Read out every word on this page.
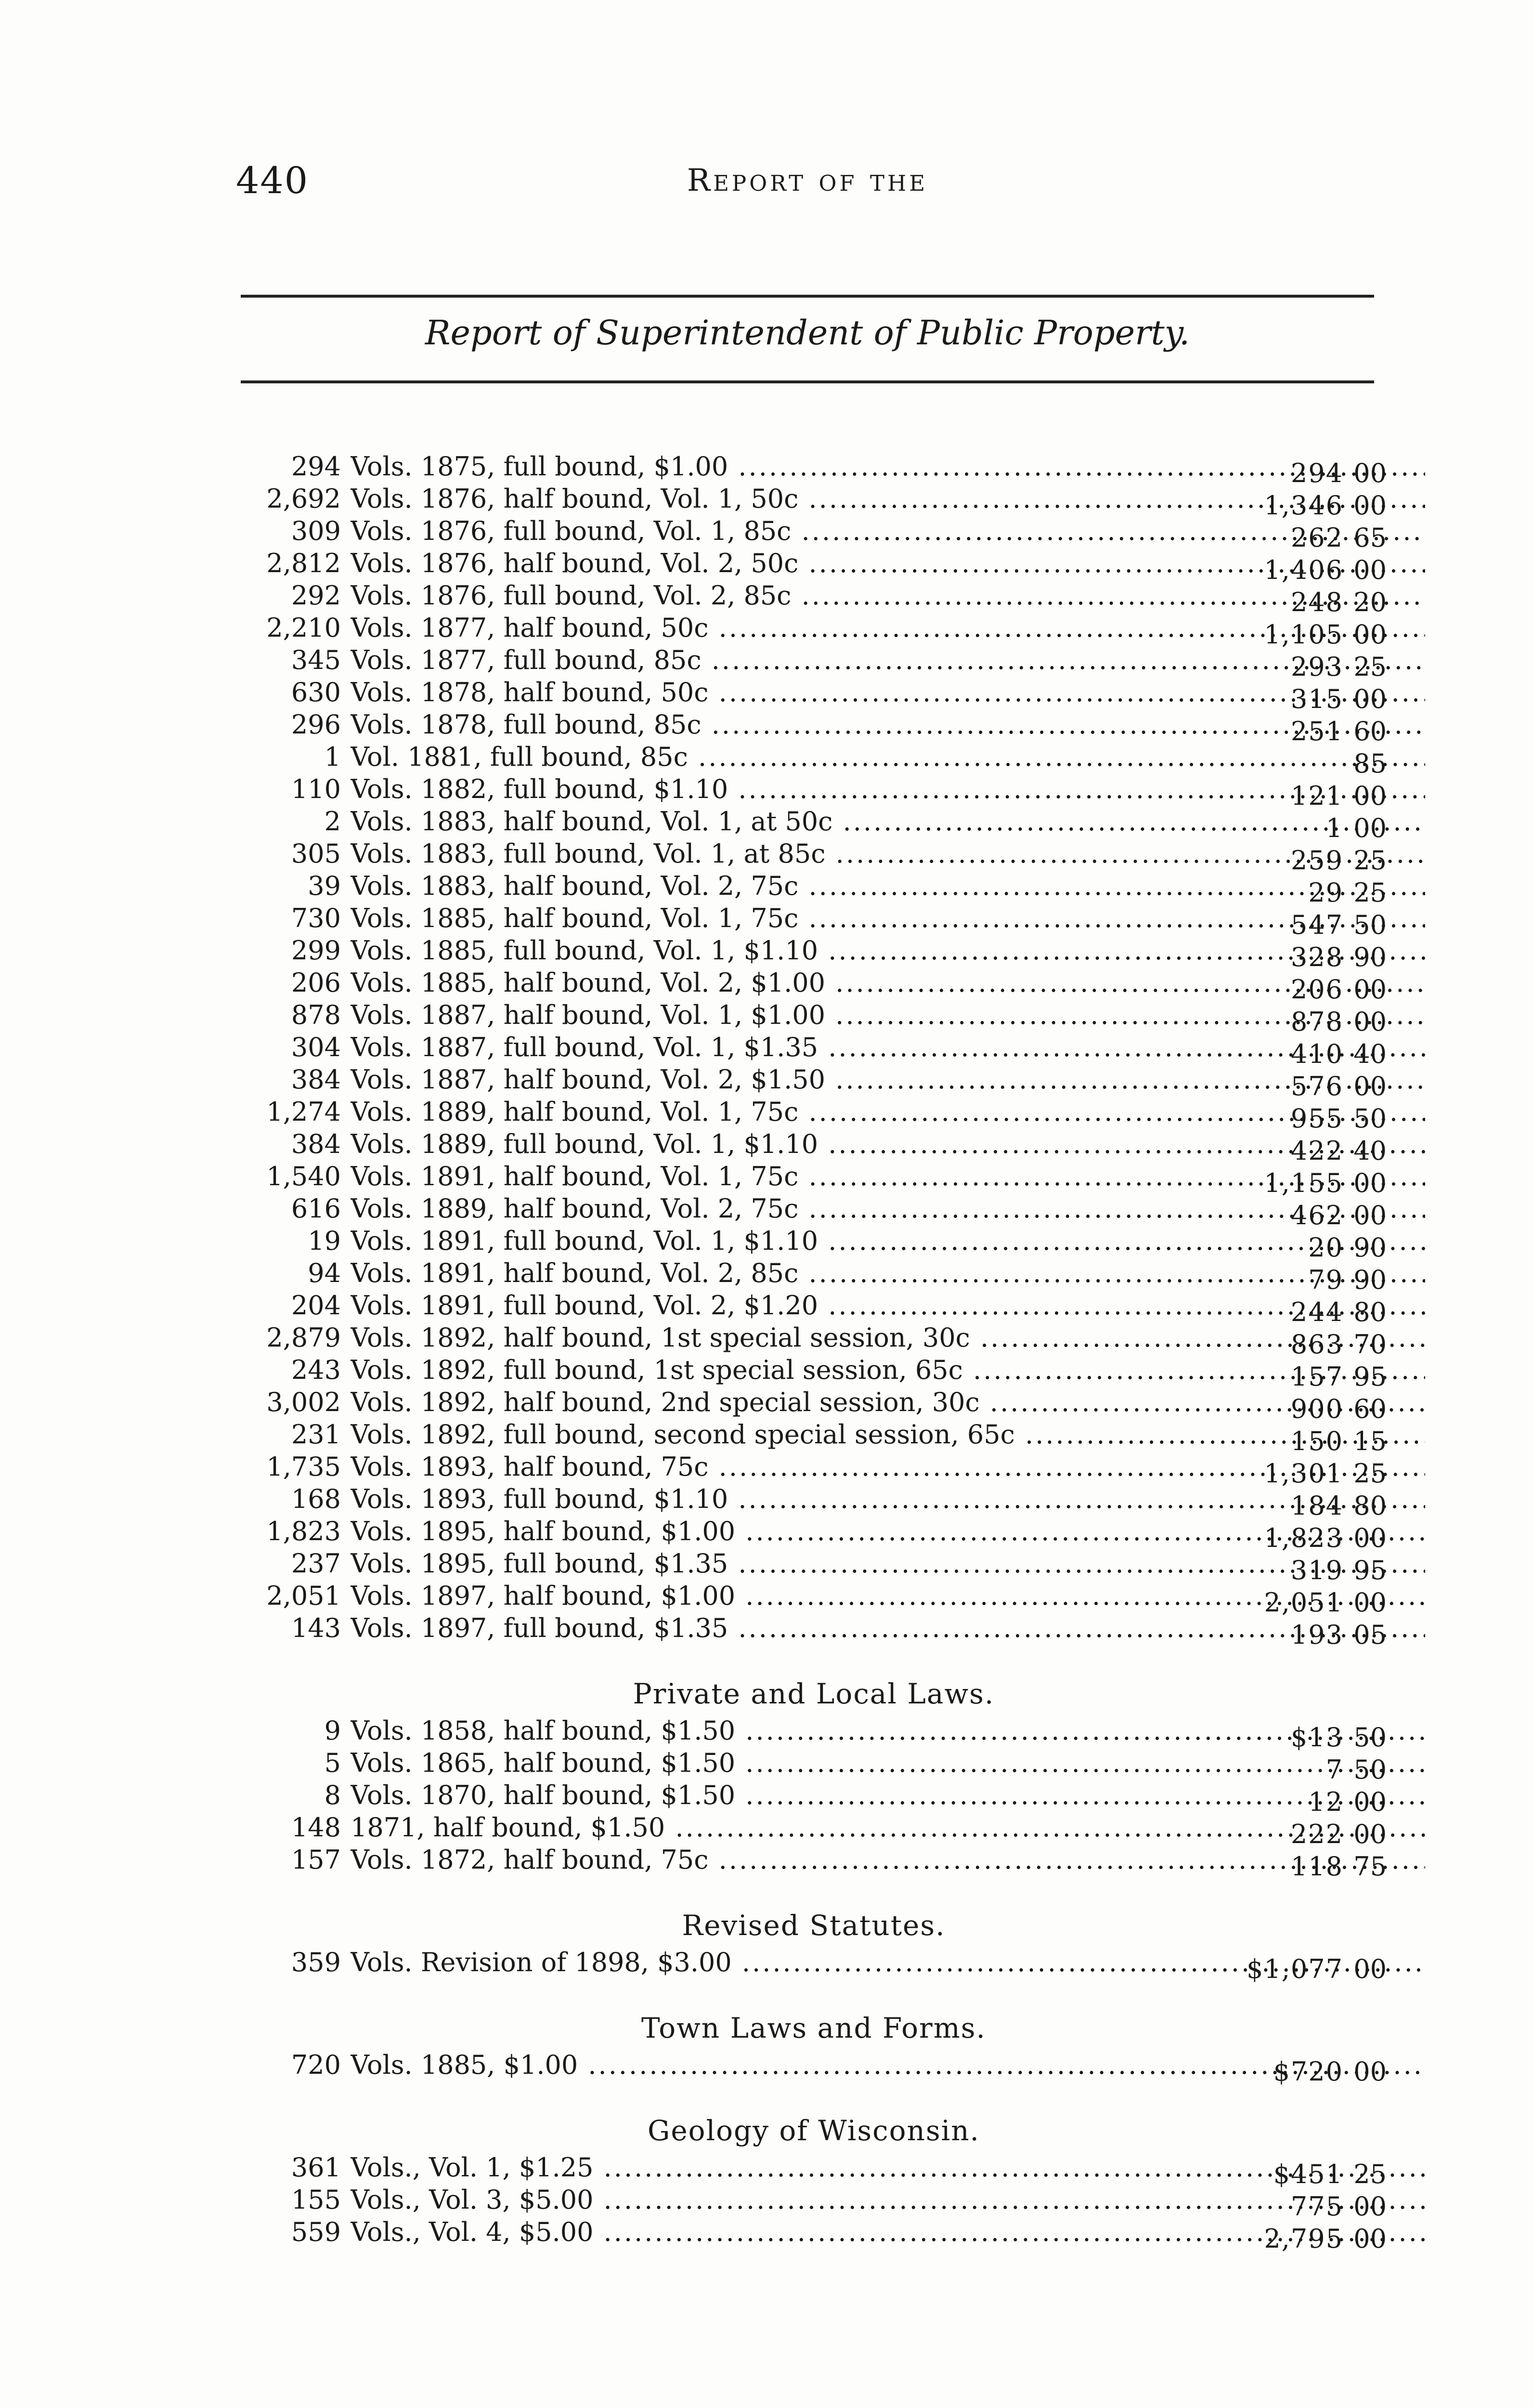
440	Report of the
Report of Superintendent of Public Property.
294 Vols. 1875, full bound, $1.00 .....	294 00
2,692 Vols. 1876, half bound, Vol. 1, 50c .....	1,346 00
309 Vols. 1876, full bound, Vol. 1, 85c .....	262 65
2,812 Vols. 1876, half bound, Vol. 2, 50c .....	1,406 00
292 Vols. 1876, full bound, Vol. 2, 85c .....	248 20
2,210 Vols. 1877, half bound, 50c .....	1,105 00
345 Vols. 1877, full bound, 85c .....	293 25
630 Vols. 1878, half bound, 50c .....	315 00
296 Vols. 1878, full bound, 85c .....	251 60
1 Vol. 1881, full bound, 85c .....	85
110 Vols. 1882, full bound, $1.10 .....	121 00
2 Vols. 1883, half bound, Vol. 1, at 50c .....	1 00
305 Vols. 1883, full bound, Vol. 1, at 85c .....	259 25
39 Vols. 1883, half bound, Vol. 2, 75c .....	29 25
730 Vols. 1885, half bound, Vol. 1, 75c .....	547 50
299 Vols. 1885, full bound, Vol. 1, $1.10 .....	328 90
206 Vols. 1885, half bound, Vol. 2, $1.00 .....	206 00
878 Vols. 1887, half bound, Vol. 1, $1.00 .....	878 00
304 Vols. 1887, full bound, Vol. 1, $1.35 .....	410 40
384 Vols. 1887, half bound, Vol. 2, $1.50 .....	576 00
1,274 Vols. 1889, half bound, Vol. 1, 75c .....	955 50
384 Vols. 1889, full bound, Vol. 1, $1.10 .....	422 40
1,540 Vols. 1891, half bound, Vol. 1, 75c .....	1,155 00
616 Vols. 1889, half bound, Vol. 2, 75c .....	462 00
19 Vols. 1891, full bound, Vol. 1, $1.10 .....	20 90
94 Vols. 1891, half bound, Vol. 2, 85c .....	79 90
204 Vols. 1891, full bound, Vol. 2, $1.20 .....	244 80
2,879 Vols. 1892, half bound, 1st special session, 30c .....	863 70
243 Vols. 1892, full bound, 1st special session, 65c .....	157 95
3,002 Vols. 1892, half bound, 2nd special session, 30c .....	900 60
231 Vols. 1892, full bound, second special session, 65c .....	150 15
1,735 Vols. 1893, half bound, 75c .....	1,301 25
168 Vols. 1893, full bound, $1.10 .....	184 80
1,823 Vols. 1895, half bound, $1.00 .....	1,823 00
237 Vols. 1895, full bound, $1.35 .....	319 95
2,051 Vols. 1897, half bound, $1.00 .....	2,051 00
143 Vols. 1897, full bound, $1.35 .....	193 05
Private and Local Laws.
9 Vols. 1858, half bound, $1.50 .....	$13 50
5 Vols. 1865, half bound, $1.50 .....	7 50
8 Vols. 1870, half bound, $1.50 .....	12 00
148 1871, half bound, $1.50 .....	222 00
157 Vols. 1872, half bound, 75c .....	118 75
Revised Statutes.
359 Vols. Revision of 1898, $3.00 .....	$1,077 00
Town Laws and Forms.
720 Vols. 1885, $1.00 .....	$720 00
Geology of Wisconsin.
361 Vols., Vol. 1, $1.25 .....	$451 25
155 Vols., Vol. 3, $5.00 .....	775 00
559 Vols., Vol. 4, $5.00 .....	2,795 00
